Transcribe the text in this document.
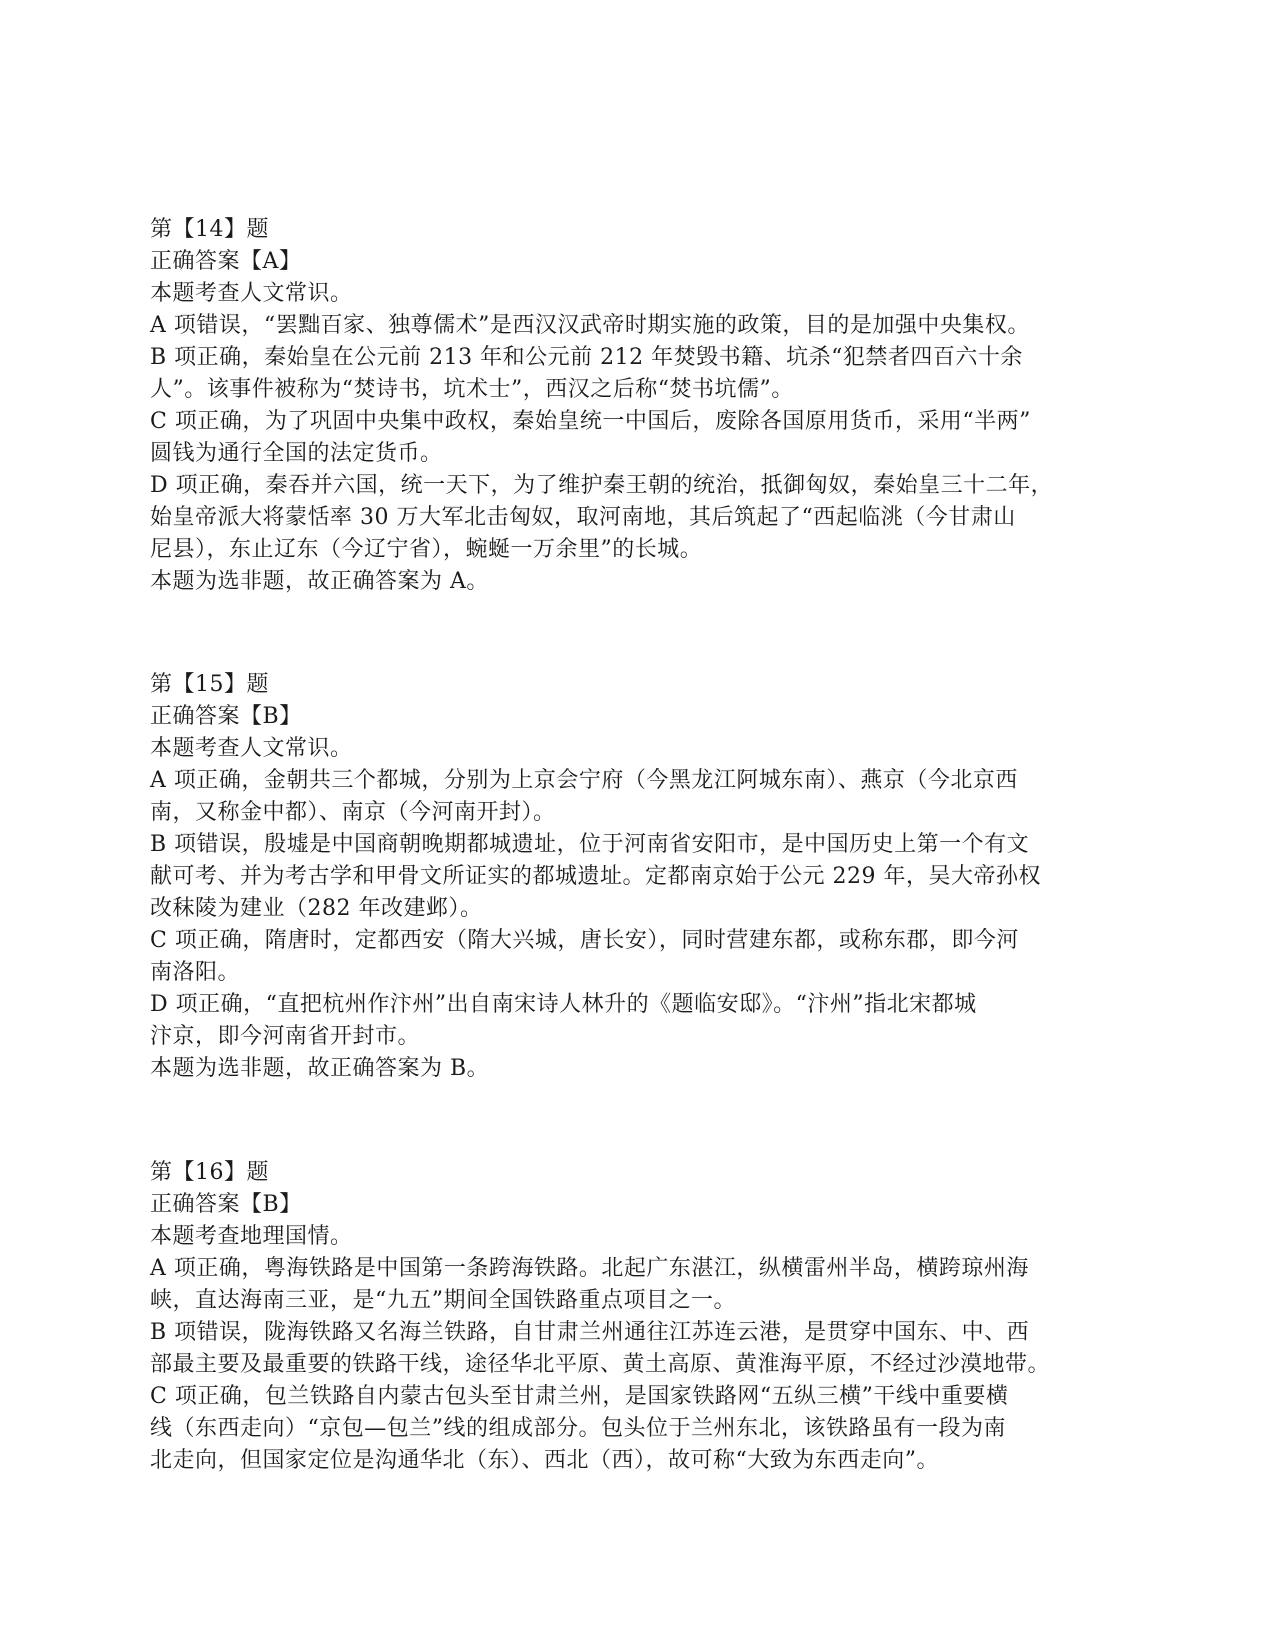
第【14】题
正确答案【A】
本题考查人文常识。
A 项错误，“罢黜百家、独尊儒术”是西汉汉武帝时期实施的政策，目的是加强中央集权。
B 项正确，秦始皇在公元前 213 年和公元前 212 年焚毁书籍、坑杀“犯禁者四百六十余
人”。该事件被称为“焚诗书，坑术士”，西汉之后称“焚书坑儒”。
C 项正确，为了巩固中央集中政权，秦始皇统一中国后，废除各国原用货币，采用“半两”
圆钱为通行全国的法定货币。
D 项正确，秦吞并六国，统一天下，为了维护秦王朝的统治，抵御匈奴，秦始皇三十二年，
始皇帝派大将蒙恬率 30 万大军北击匈奴，取河南地，其后筑起了“西起临洮（今甘肃山
尼县），东止辽东（今辽宁省），蜿蜒一万余里”的长城。
本题为选非题，故正确答案为 A。
第【15】题
正确答案【B】
本题考查人文常识。
A 项正确，金朝共三个都城，分别为上京会宁府（今黑龙江阿城东南）、燕京（今北京西
南，又称金中都）、南京（今河南开封）。
B 项错误，殷墟是中国商朝晚期都城遗址，位于河南省安阳市，是中国历史上第一个有文
献可考、并为考古学和甲骨文所证实的都城遗址。定都南京始于公元 229 年，吴大帝孙权
改秣陵为建业（282 年改建邺）。
C 项正确，隋唐时，定都西安（隋大兴城，唐长安），同时营建东都，或称东郡，即今河
南洛阳。
D 项正确，“直把杭州作汴州”出自南宋诗人林升的《题临安邸》。“汴州”指北宋都城
汴京，即今河南省开封市。
本题为选非题，故正确答案为 B。
第【16】题
正确答案【B】
本题考查地理国情。
A 项正确，粤海铁路是中国第一条跨海铁路。北起广东湛江，纵横雷州半岛，横跨琼州海
峡，直达海南三亚，是“九五”期间全国铁路重点项目之一。
B 项错误，陇海铁路又名海兰铁路，自甘肃兰州通往江苏连云港，是贯穿中国东、中、西
部最主要及最重要的铁路干线，途径华北平原、黄土高原、黄淮海平原，不经过沙漠地带。
C 项正确，包兰铁路自内蒙古包头至甘肃兰州，是国家铁路网“五纵三横”干线中重要横
线（东西走向）“京包—包兰”线的组成部分。包头位于兰州东北，该铁路虽有一段为南
北走向，但国家定位是沟通华北（东）、西北（西），故可称“大致为东西走向”。
